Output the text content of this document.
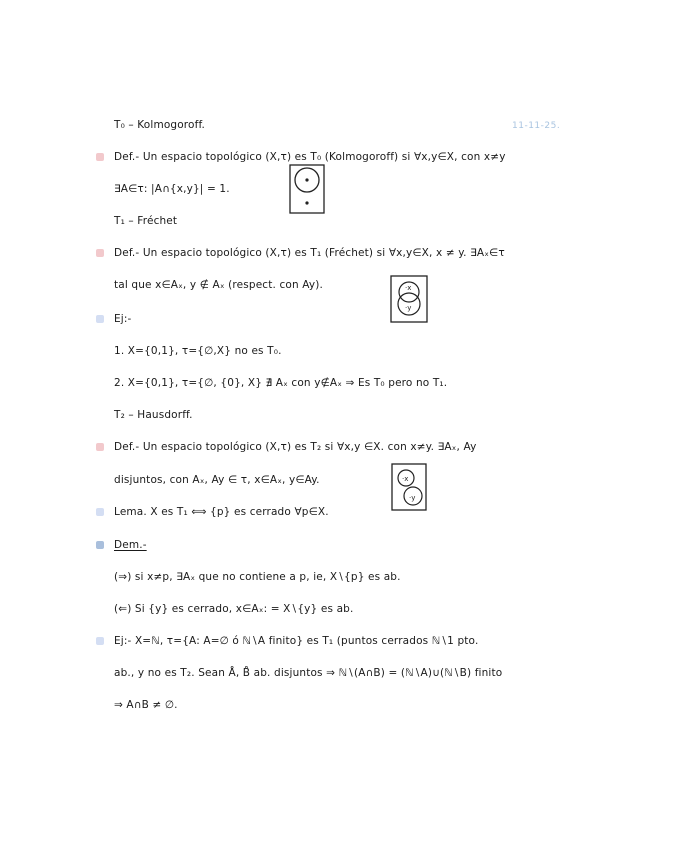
11-11-25.
T₀ – Kolmogoroff.
Def.- Un espacio topológico (X,τ) es T₀ (Kolmogoroff) si ∀x,y∈X, con x≠y
∃A∈τ: |A∩{x,y}| = 1.
T₁ – Fréchet
Def.- Un espacio topológico (X,τ) es T₁ (Fréchet) si ∀x,y∈X, x ≠ y. ∃Aₓ∈τ
tal que x∈Aₓ, y ∉ Aₓ (respect. con Ay).	·x
·y
Ej:-
1. X={0,1}, τ={∅,X} no es T₀.
2. X={0,1}, τ={∅, {0}, X} ∄ Aₓ con y∉Aₓ ⇒ Es T₀ pero no T₁.
T₂ – Hausdorff.
Def.- Un espacio topológico (X,τ) es T₂ si ∀x,y ∈X. con x≠y. ∃Aₓ, Ay
disjuntos, con Aₓ, Ay ∈ τ, x∈Aₓ, y∈Ay.	·x
·y
Lema. X es T₁ ⟺ {p} es cerrado ∀p∈X.
Dem.-
(⇒) si x≠p, ∃Aₓ que no contiene a p, ie, X∖{p} es ab.
(⇐) Si {y} es cerrado, x∈Aₓ: = X∖{y} es ab.
Ej:- X=ℕ, τ={A: A=∅ ó ℕ∖A finito} es T₁ (puntos cerrados ℕ∖1 pto.
ab., y no es T₂. Sean Å, B̊ ab. disjuntos ⇒ ℕ∖(A∩B) = (ℕ∖A)∪(ℕ∖B) finito
⇒ A∩B ≠ ∅.
